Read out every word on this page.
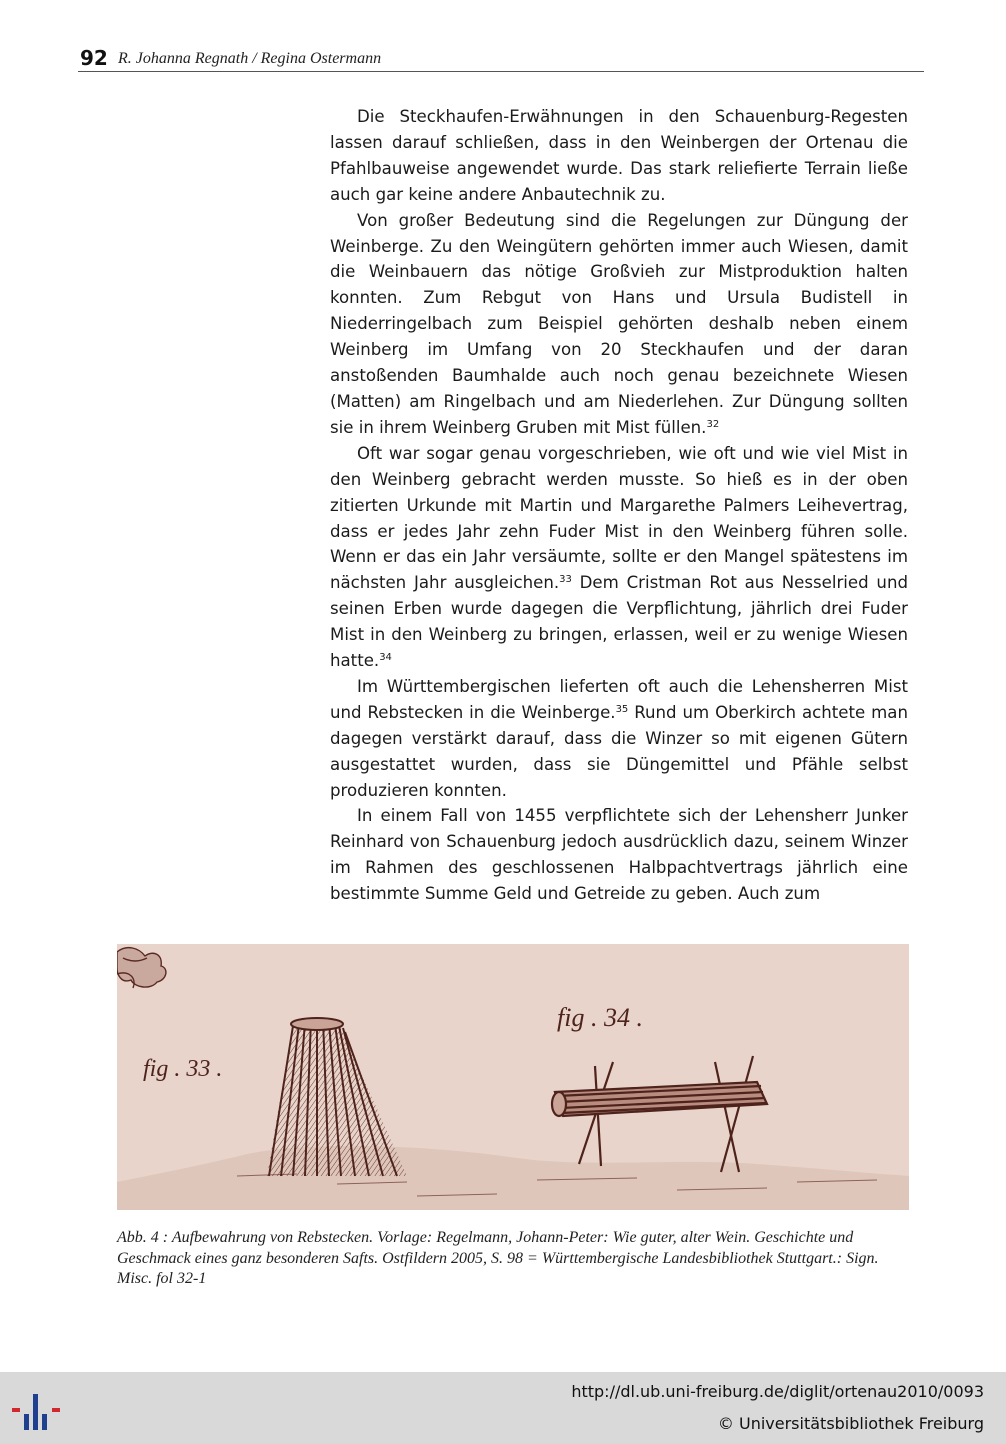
92 R. Johanna Regnath / Regina Ostermann

Die Steckhaufen-Erwähnungen in den Schauenburg-Regesten lassen darauf schließen, dass in den Weinbergen der Ortenau die Pfahlbauweise angewendet wurde. Das stark reliefierte Terrain ließe auch gar keine andere Anbautechnik zu.

Von großer Bedeutung sind die Regelungen zur Düngung der Weinberge. Zu den Weingütern gehörten immer auch Wiesen, damit die Weinbauern das nötige Großvieh zur Mistproduktion halten konnten. Zum Rebgut von Hans und Ursula Budistell in Niederringelbach zum Beispiel gehörten deshalb neben einem Weinberg im Umfang von 20 Steckhaufen und der daran anstoßenden Baumhalde auch noch genau bezeichnete Wiesen (Matten) am Ringelbach und am Niederlehen. Zur Düngung sollten sie in ihrem Weinberg Gruben mit Mist füllen.$^{32}$

Oft war sogar genau vorgeschrieben, wie oft und wie viel Mist in den Weinberg gebracht werden musste. So hieß es in der oben zitierten Urkunde mit Martin und Margarethe Palmers Leihevertrag, dass er jedes Jahr zehn Fuder Mist in den Weinberg führen solle. Wenn er das ein Jahr versäumte, sollte er den Mangel spätestens im nächsten Jahr ausgleichen.$^{33}$ Dem Cristman Rot aus Nesselried und seinen Erben wurde dagegen die Verpflichtung, jährlich drei Fuder Mist in den Weinberg zu bringen, erlassen, weil er zu wenige Wiesen hatte.$^{34}$

Im Württembergischen lieferten oft auch die Lehensherren Mist und Rebstecken in die Weinberge.$^{35}$ Rund um Oberkirch achtete man dagegen verstärkt darauf, dass die Winzer so mit eigenen Gütern ausgestattet wurden, dass sie Düngemittel und Pfähle selbst produzieren konnten.

In einem Fall von 1455 verpflichtete sich der Lehensherr Junker Reinhard von Schauenburg jedoch ausdrücklich dazu, seinem Winzer im Rahmen des geschlossenen Halbpachtvertrags jährlich eine bestimmte Summe Geld und Getreide zu geben. Auch zum

fig . 33 .
fig . 34 .
Abb. 4 : Aufbewahrung von Rebstecken. Vorlage: Regelmann, Johann-Peter: Wie guter, alter Wein. Geschichte und Geschmack eines ganz besonderen Safts. Ostfildern 2005, S. 98 = Württembergische Landesbibliothek Stuttgart.: Sign. Misc. fol 32-1
http://dl.ub.uni-freiburg.de/diglit/ortenau2010/0093
© Universitätsbibliothek Freiburg
